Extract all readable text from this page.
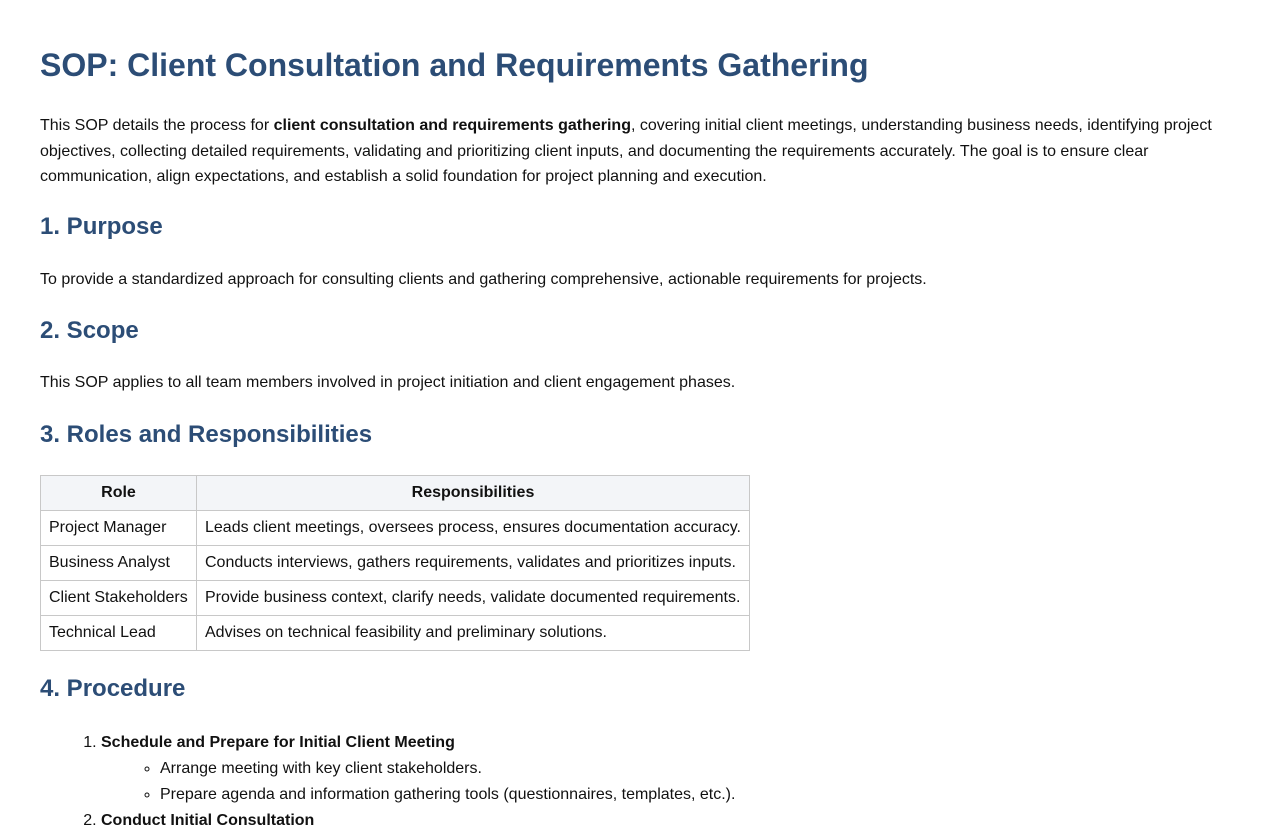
SOP: Client Consultation and Requirements Gathering

This SOP details the process for client consultation and requirements gathering, covering initial client meetings, understanding business needs, identifying project objectives, collecting detailed requirements, validating and prioritizing client inputs, and documenting the requirements accurately. The goal is to ensure clear communication, align expectations, and establish a solid foundation for project planning and execution.

1. Purpose

To provide a standardized approach for consulting clients and gathering comprehensive, actionable requirements for projects.

2. Scope

This SOP applies to all team members involved in project initiation and client engagement phases.

3. Roles and Responsibilities
Role	Responsibilities
Project Manager	Leads client meetings, oversees process, ensures documentation accuracy.
Business Analyst	Conducts interviews, gathers requirements, validates and prioritizes inputs.
Client Stakeholders	Provide business context, clarify needs, validate documented requirements.
Technical Lead	Advises on technical feasibility and preliminary solutions.
4. Procedure
1. Schedule and Prepare for Initial Client Meeting
◦ Arrange meeting with key client stakeholders.
◦ Prepare agenda and information gathering tools (questionnaires, templates, etc.).
2. Conduct Initial Consultation
